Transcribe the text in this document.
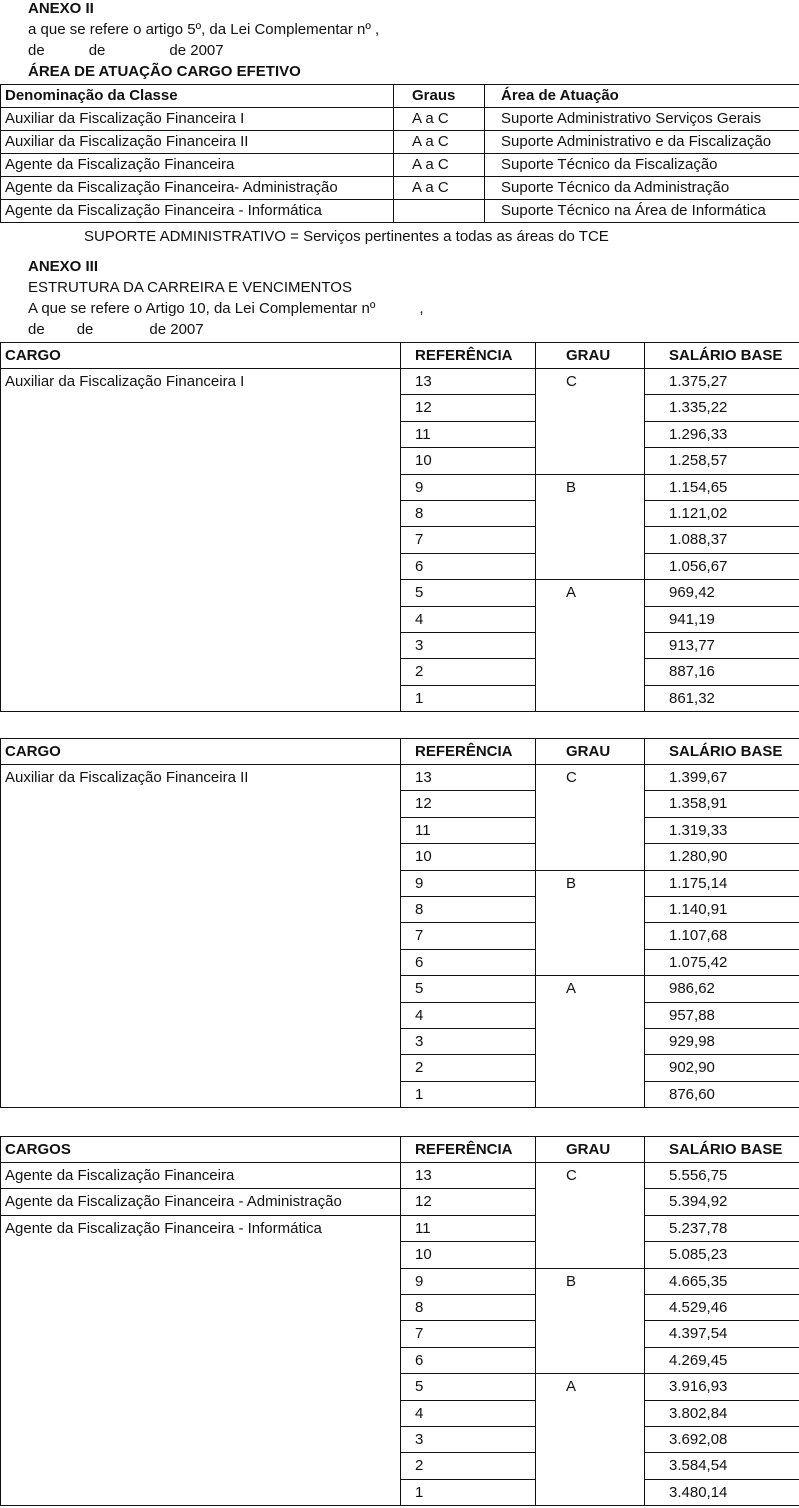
ANEXO II
a que se refere o artigo 5º, da Lei Complementar nº ,
de	de	de 2007
ÁREA DE ATUAÇÃO CARGO EFETIVO
Denominação da Classe	Graus	Área de Atuação
Auxiliar da Fiscalização Financeira I	A a C	Suporte Administrativo Serviços Gerais
Auxiliar da Fiscalização Financeira II	A a C	Suporte Administrativo e da Fiscalização
Agente da Fiscalização Financeira	A a C	Suporte Técnico da Fiscalização
Agente da Fiscalização Financeira- Administração	A a C	Suporte Técnico da Administração
Agente da Fiscalização Financeira - Informática		Suporte Técnico na Área de Informática
SUPORTE ADMINISTRATIVO = Serviços pertinentes a todas as áreas do TCE
ANEXO III
ESTRUTURA DA CARREIRA E VENCIMENTOS
A que se refere o Artigo 10, da Lei Complementar nº	,
de de	de 2007
CARGO	REFERÊNCIA	GRAU	SALÁRIO BASE
Auxiliar da Fiscalização Financeira I	13	C	1.375,27
	12		1.335,22
	11		1.296,33
	10		1.258,57
	9	B	1.154,65
	8		1.121,02
	7		1.088,37
	6		1.056,67
	5	A	969,42
	4		941,19
	3		913,77
	2		887,16
	1		861,32
CARGO	REFERÊNCIA	GRAU	SALÁRIO BASE
Auxiliar da Fiscalização Financeira II	13	C	1.399,67
	12		1.358,91
	11		1.319,33
	10		1.280,90
	9	B	1.175,14
	8		1.140,91
	7		1.107,68
	6		1.075,42
	5	A	986,62
	4		957,88
	3		929,98
	2		902,90
	1		876,60
CARGOS	REFERÊNCIA	GRAU	SALÁRIO BASE
Agente da Fiscalização Financeira	13	C	5.556,75
Agente da Fiscalização Financeira - Administração	12		5.394,92
Agente da Fiscalização Financeira - Informática	11		5.237,78
	10		5.085,23
	9	B	4.665,35
	8		4.529,46
	7		4.397,54
	6		4.269,45
	5	A	3.916,93
	4		3.802,84
	3		3.692,08
	2		3.584,54
	1		3.480,14
